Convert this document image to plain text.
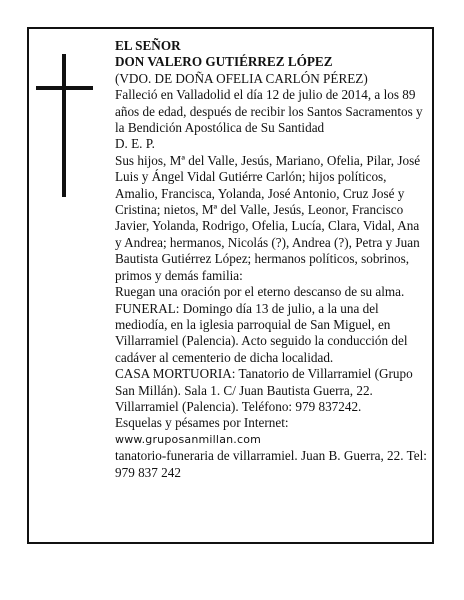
EL SEÑOR

DON VALERO GUTIÉRREZ LÓPEZ

(VDO. DE DOÑA OFELIA CARLÓN PÉREZ)

Falleció en Valladolid el día 12 de julio de 2014, a los 89 años de edad, después de recibir los Santos Sacramentos y la Bendición Apostólica de Su Santidad

D. E. P.

Sus hijos, Mª del Valle, Jesús, Mariano, Ofelia, Pilar, José Luis y Ángel Vidal Gutiérre Carlón; hijos políticos, Amalio, Francisca, Yolanda, José Antonio, Cruz José y Cristina; nietos, Mª del Valle, Jesús, Leonor, Francisco Javier, Yolanda, Rodrigo, Ofelia, Lucía, Clara, Vidal, Ana y Andrea; hermanos, Nicolás (?), Andrea (?), Petra y Juan Bautista Gutiérrez López; hermanos políticos, sobrinos, primos y demás familia:

Ruegan una oración por el eterno descanso de su alma.

FUNERAL: Domingo día 13 de julio, a la una del mediodía, en la iglesia parroquial de San Miguel, en Villarramiel (Palencia). Acto seguido la conducción del cadáver al cementerio de dicha localidad.

CASA MORTUORIA: Tanatorio de Villarramiel (Grupo San Millán). Sala 1. C/ Juan Bautista Guerra, 22. Villarramiel (Palencia). Teléfono: 979 837242.

Esquelas y pésames por Internet:

www.gruposanmillan.com

tanatorio-funeraria de villarramiel. Juan B. Guerra, 22. Tel: 979 837 242
